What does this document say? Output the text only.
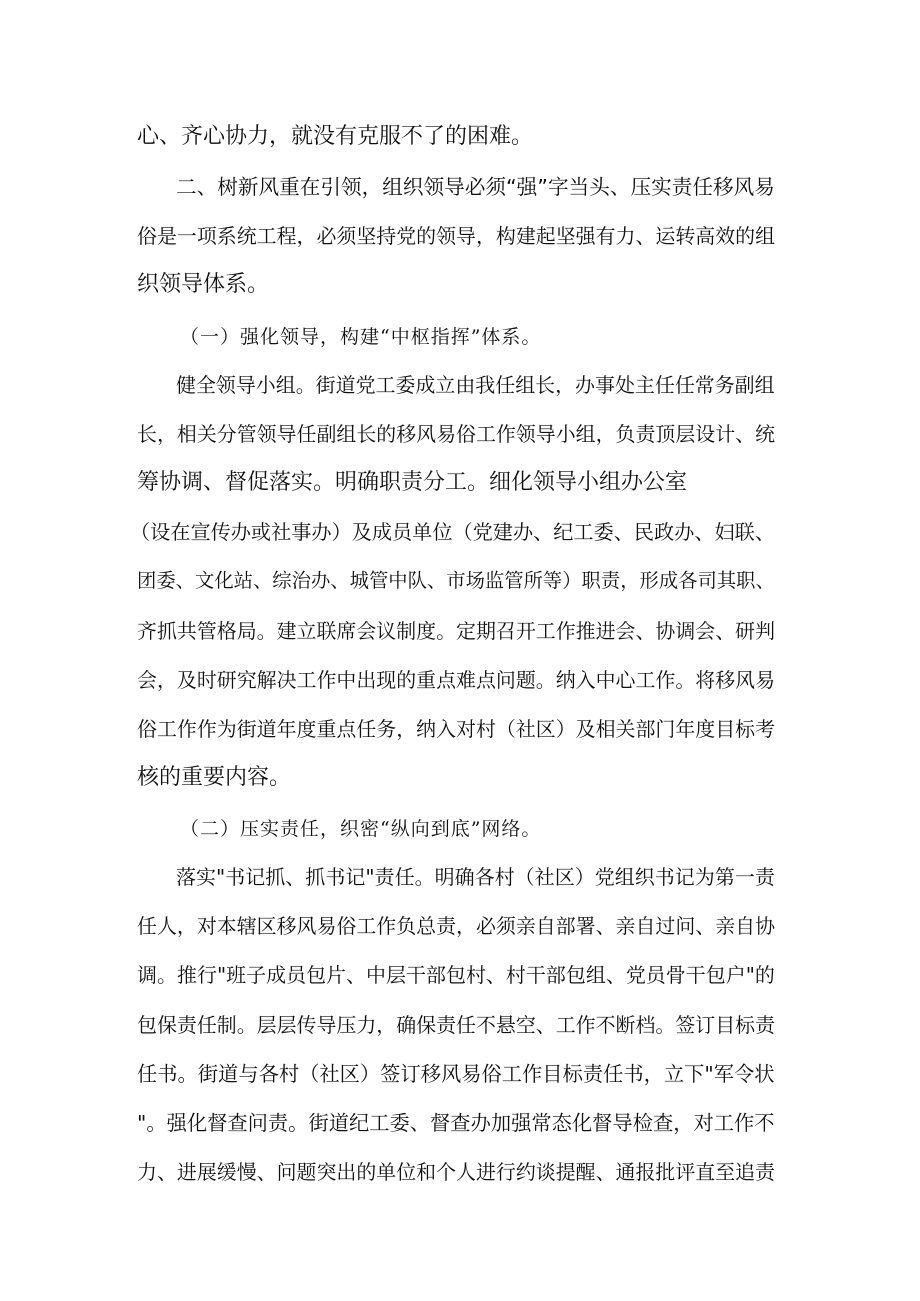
心、齐心协力，就没有克服不了的困难。
二、树新风重在引领，组织领导必须“强”字当头、压实责任移风易
俗是一项系统工程，必须坚持党的领导，构建起坚强有力、运转高效的组
织领导体系。
（一）强化领导，构建“中枢指挥”体系。
健全领导小组。街道党工委成立由我任组长，办事处主任任常务副组
长，相关分管领导任副组长的移风易俗工作领导小组，负责顶层设计、统
筹协调、督促落实。明确职责分工。细化领导小组办公室
（设在宣传办或社事办）及成员单位（党建办、纪工委、民政办、妇联、
团委、文化站、综治办、城管中队、市场监管所等）职责，形成各司其职、
齐抓共管格局。建立联席会议制度。定期召开工作推进会、协调会、研判
会，及时研究解决工作中出现的重点难点问题。纳入中心工作。将移风易
俗工作作为街道年度重点任务，纳入对村（社区）及相关部门年度目标考
核的重要内容。
（二）压实责任，织密“纵向到底”网络。
落实"书记抓、抓书记"责任。明确各村（社区）党组织书记为第一责
任人，对本辖区移风易俗工作负总责，必须亲自部署、亲自过问、亲自协
调。推行"班子成员包片、中层干部包村、村干部包组、党员骨干包户"的
包保责任制。层层传导压力，确保责任不悬空、工作不断档。签订目标责
任书。街道与各村（社区）签订移风易俗工作目标责任书，立下"军令状
"。强化督查问责。街道纪工委、督查办加强常态化督导检查，对工作不
力、进展缓慢、问题突出的单位和个人进行约谈提醒、通报批评直至追责
